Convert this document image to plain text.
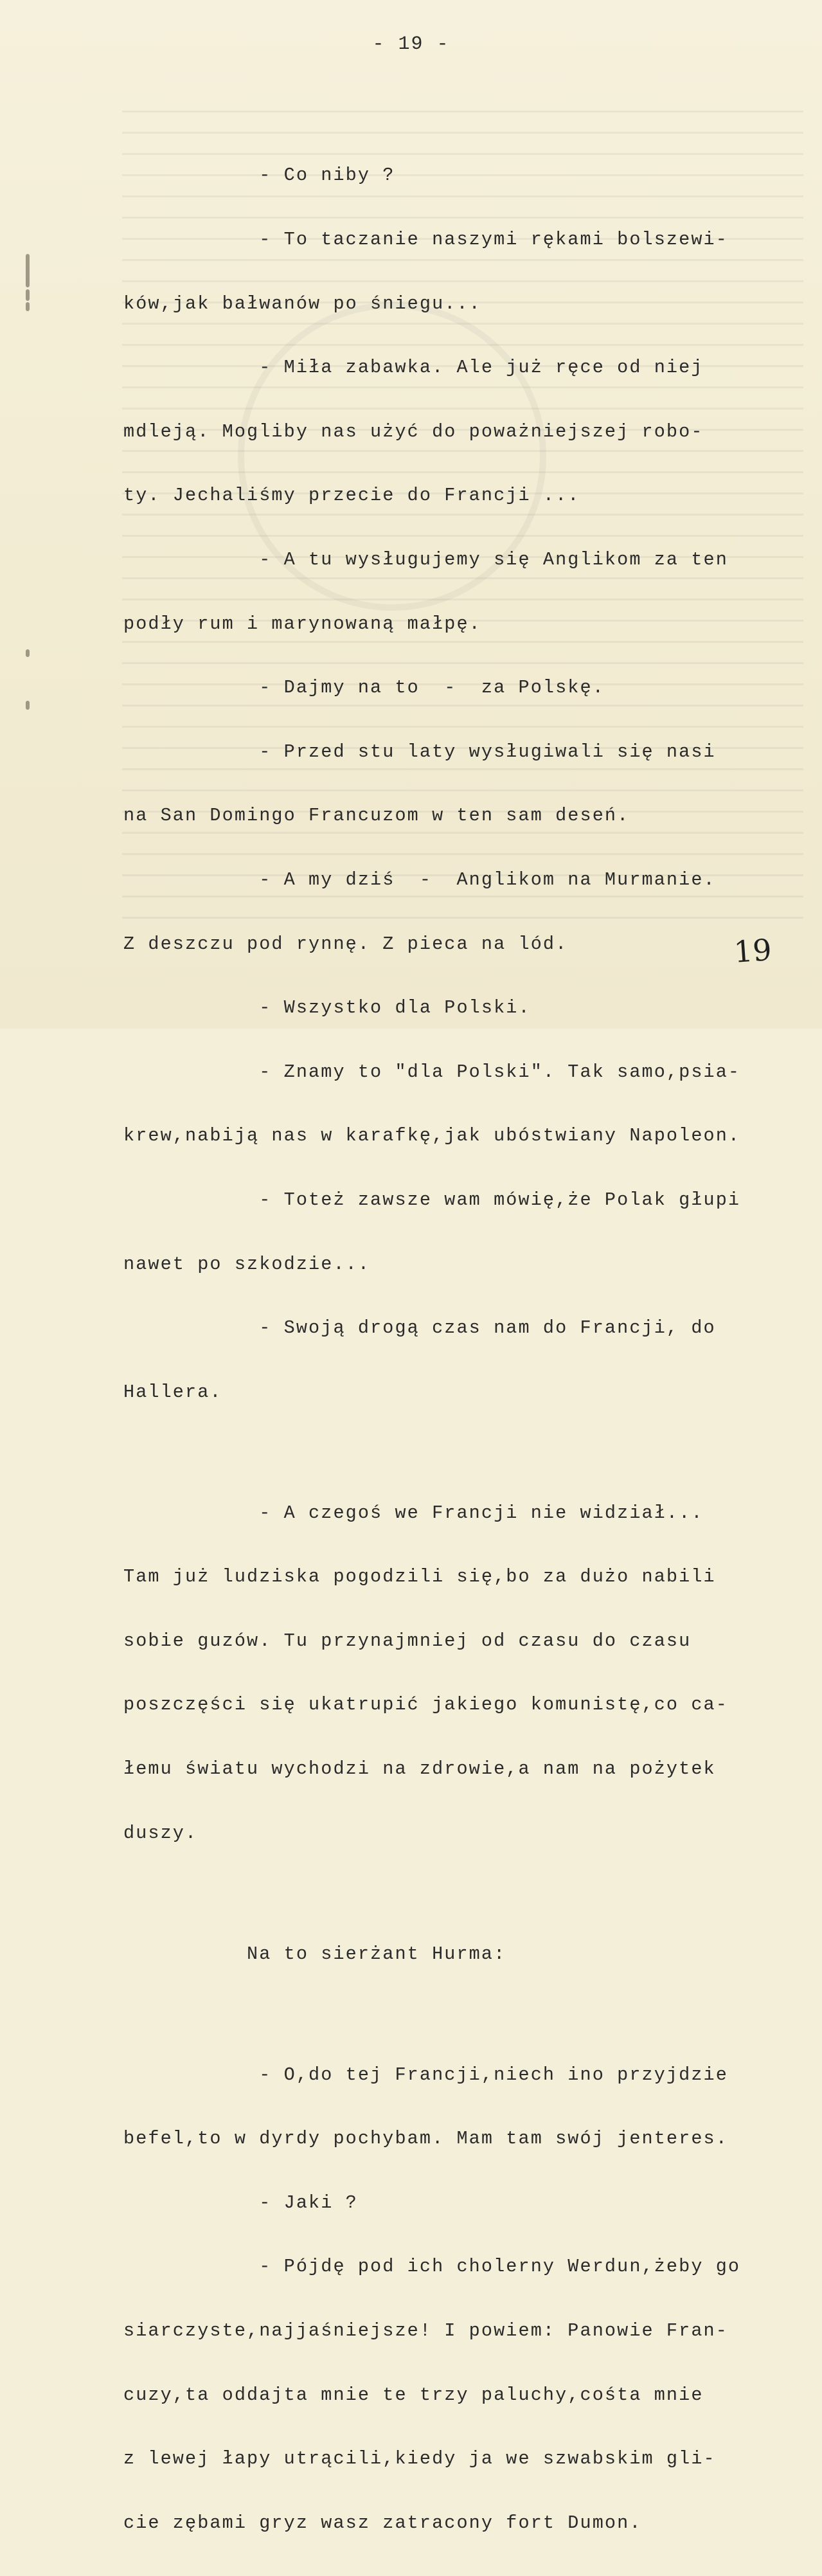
- 19 -

- Co niby ?

- To taczanie naszymi rękami bolszewi-

ków,jak bałwanów po śniegu...

- Miła zabawka. Ale już ręce od niej

mdleją. Mogliby nas użyć do poważniejszej robo-

ty. Jechaliśmy przecie do Francji ...

- A tu wysługujemy się Anglikom za ten

podły rum i marynowaną małpę.

- Dajmy na to  -  za Polskę.

- Przed stu laty wysługiwali się nasi

na San Domingo Francuzom w ten sam deseń.

- A my dziś  -  Anglikom na Murmanie.

Z deszczu pod rynnę. Z pieca na lód.

- Wszystko dla Polski.

- Znamy to "dla Polski". Tak samo,psia-

krew,nabiją nas w karafkę,jak ubóstwiany Napoleon.

- Toteż zawsze wam mówię,że Polak głupi

nawet po szkodzie...

- Swoją drogą czas nam do Francji, do

Hallera.

- A czegoś we Francji nie widział...

Tam już ludziska pogodzili się,bo za dużo nabili

sobie guzów. Tu przynajmniej od czasu do czasu

poszczęści się ukatrupić jakiego komunistę,co ca-

łemu światu wychodzi na zdrowie,a nam na pożytek

duszy.

Na to sierżant Hurma:

- O,do tej Francji,niech ino przyjdzie

befel,to w dyrdy pochybam. Mam tam swój jenteres.

- Jaki ?

- Pójdę pod ich cholerny Werdun,żeby go

siarczyste,najjaśniejsze! I powiem: Panowie Fran-

cuzy,ta oddajta mnie te trzy paluchy,cośta mnie

z lewej łapy utrącili,kiedy ja we szwabskim gli-

cie zębami gryz wasz zatracony fort Dumon.

19
